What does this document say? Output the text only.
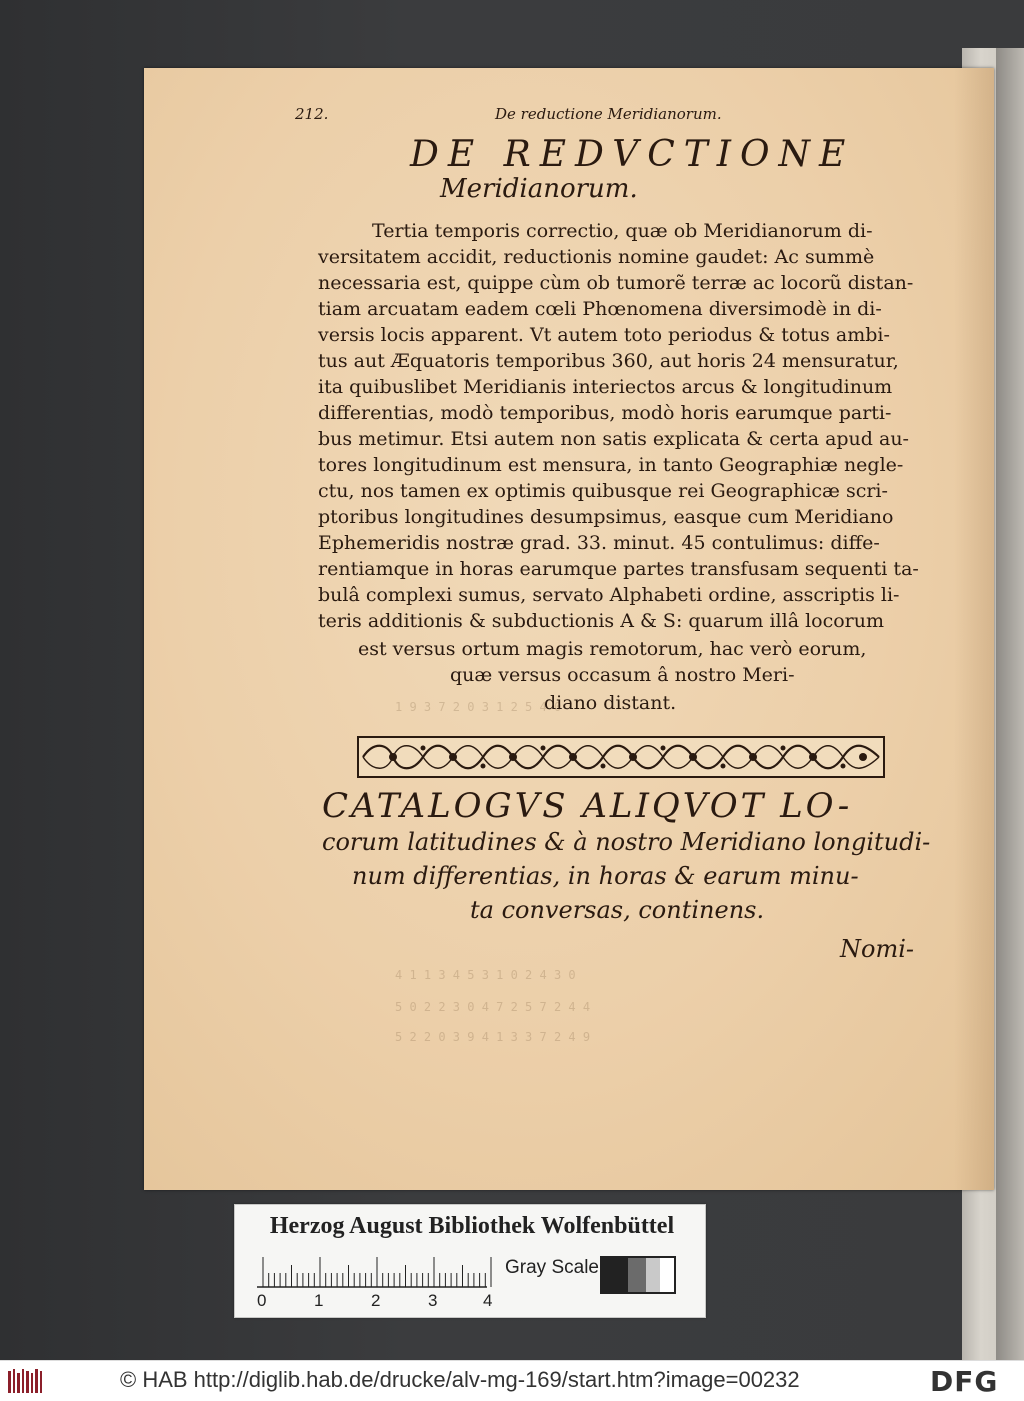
1 9 3 7 2 0 3 1 2 5 4 0
4 1 1 3 4 5 3 1 0 2 4 3 0
5 0 2 2 3 0 4 7 2 5 7 2 4 4
5 2 2 0 3 9 4 1 3 3 7 2 4 9
212.	De reductione Meridianorum.
DE REDVCTIONE
Meridianorum.
Tertia temporis correctio, quæ ob Meridianorum di-
versitatem accidit, reductionis nomine gaudet: Ac summè
necessaria est, quippe cùm ob tumorẽ terræ ac locorũ distan-
tiam arcuatam eadem cœli Phœnomena diversimodè in di-
versis locis apparent. Vt autem toto periodus & totus ambi-
tus aut Æquatoris temporibus 360, aut horis 24 mensuratur,
ita quibuslibet Meridianis interiectos arcus & longitudinum
differentias, modò temporibus, modò horis earumque parti-
bus metimur. Etsi autem non satis explicata & certa apud au-
tores longitudinum est mensura, in tanto Geographiæ negle-
ctu, nos tamen ex optimis quibusque rei Geographicæ scri-
ptoribus longitudines desumpsimus, easque cum Meridiano
Ephemeridis nostræ grad. 33. minut. 45 contulimus: diffe-
rentiamque in horas earumque partes transfusam sequenti ta-
bulâ complexi sumus, servato Alphabeti ordine, asscriptis li-
teris additionis & subductionis A & S: quarum illâ locorum
est versus ortum magis remotorum, hac verò eorum,
quæ versus occasum â nostro Meri-
diano distant.
CATALOGVS ALIQVOT LO-
corum latitudines & à nostro Meridiano longitudi-
num differentias, in horas & earum minu-
ta conversas, continens.
Nomi-
Herzog August Bibliothek Wolfenbüttel
0	1	2	3	4
Gray Scale
© HAB http://diglib.hab.de/drucke/alv-mg-169/start.htm?image=00232	DFG
